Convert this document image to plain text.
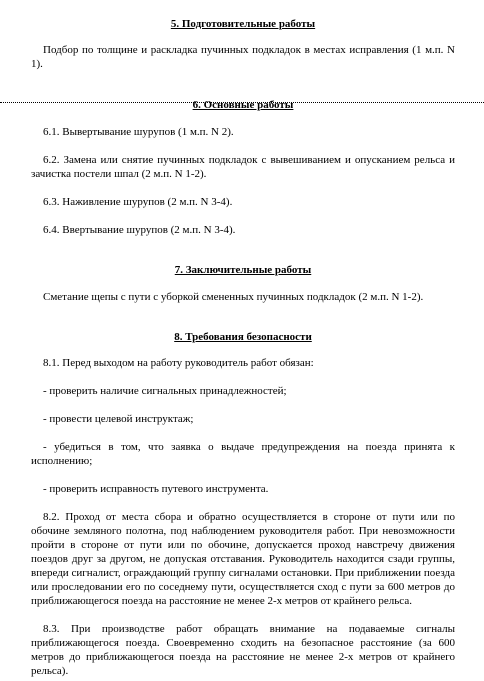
5. Подготовительные работы

Подбор по толщине и раскладка пучинных подкладок в местах исправления (1 м.п. N 1).

6. Основные работы

6.1. Вывертывание шурупов (1 м.п. N 2).

6.2. Замена или снятие пучинных подкладок с вывешиванием и опусканием рельса и зачистка постели шпал (2 м.п. N 1-2).

6.3. Наживление шурупов (2 м.п. N 3-4).

6.4. Ввертывание шурупов (2 м.п. N 3-4).

7. Заключительные работы

Сметание щепы с пути с уборкой смененных пучинных подкладок (2 м.п. N 1-2).

8. Требования безопасности

8.1. Перед выходом на работу руководитель работ обязан:

- проверить наличие сигнальных принадлежностей;

- провести целевой инструктаж;

- убедиться в том, что заявка о выдаче предупреждения на поезда принята к исполнению;

- проверить исправность путевого инструмента.

8.2. Проход от места сбора и обратно осуществляется в стороне от пути или по обочине земляного полотна, под наблюдением руководителя работ. При невозможности пройти в стороне от пути или по обочине, допускается проход навстречу движения поездов друг за другом, не допуская отставания. Руководитель находится сзади группы, впереди сигналист, ограждающий группу сигналами остановки. При приближении поезда или проследовании его по соседнему пути, осуществляется сход с пути за 600 метров до приближающегося поезда на расстояние не менее 2-х метров от крайнего рельса.

8.3. При производстве работ обращать внимание на подаваемые сигналы приближающегося поезда. Своевременно сходить на безопасное расстояние (за 600 метров до приближающегося поезда на расстояние не менее 2-х метров от крайнего рельса).
